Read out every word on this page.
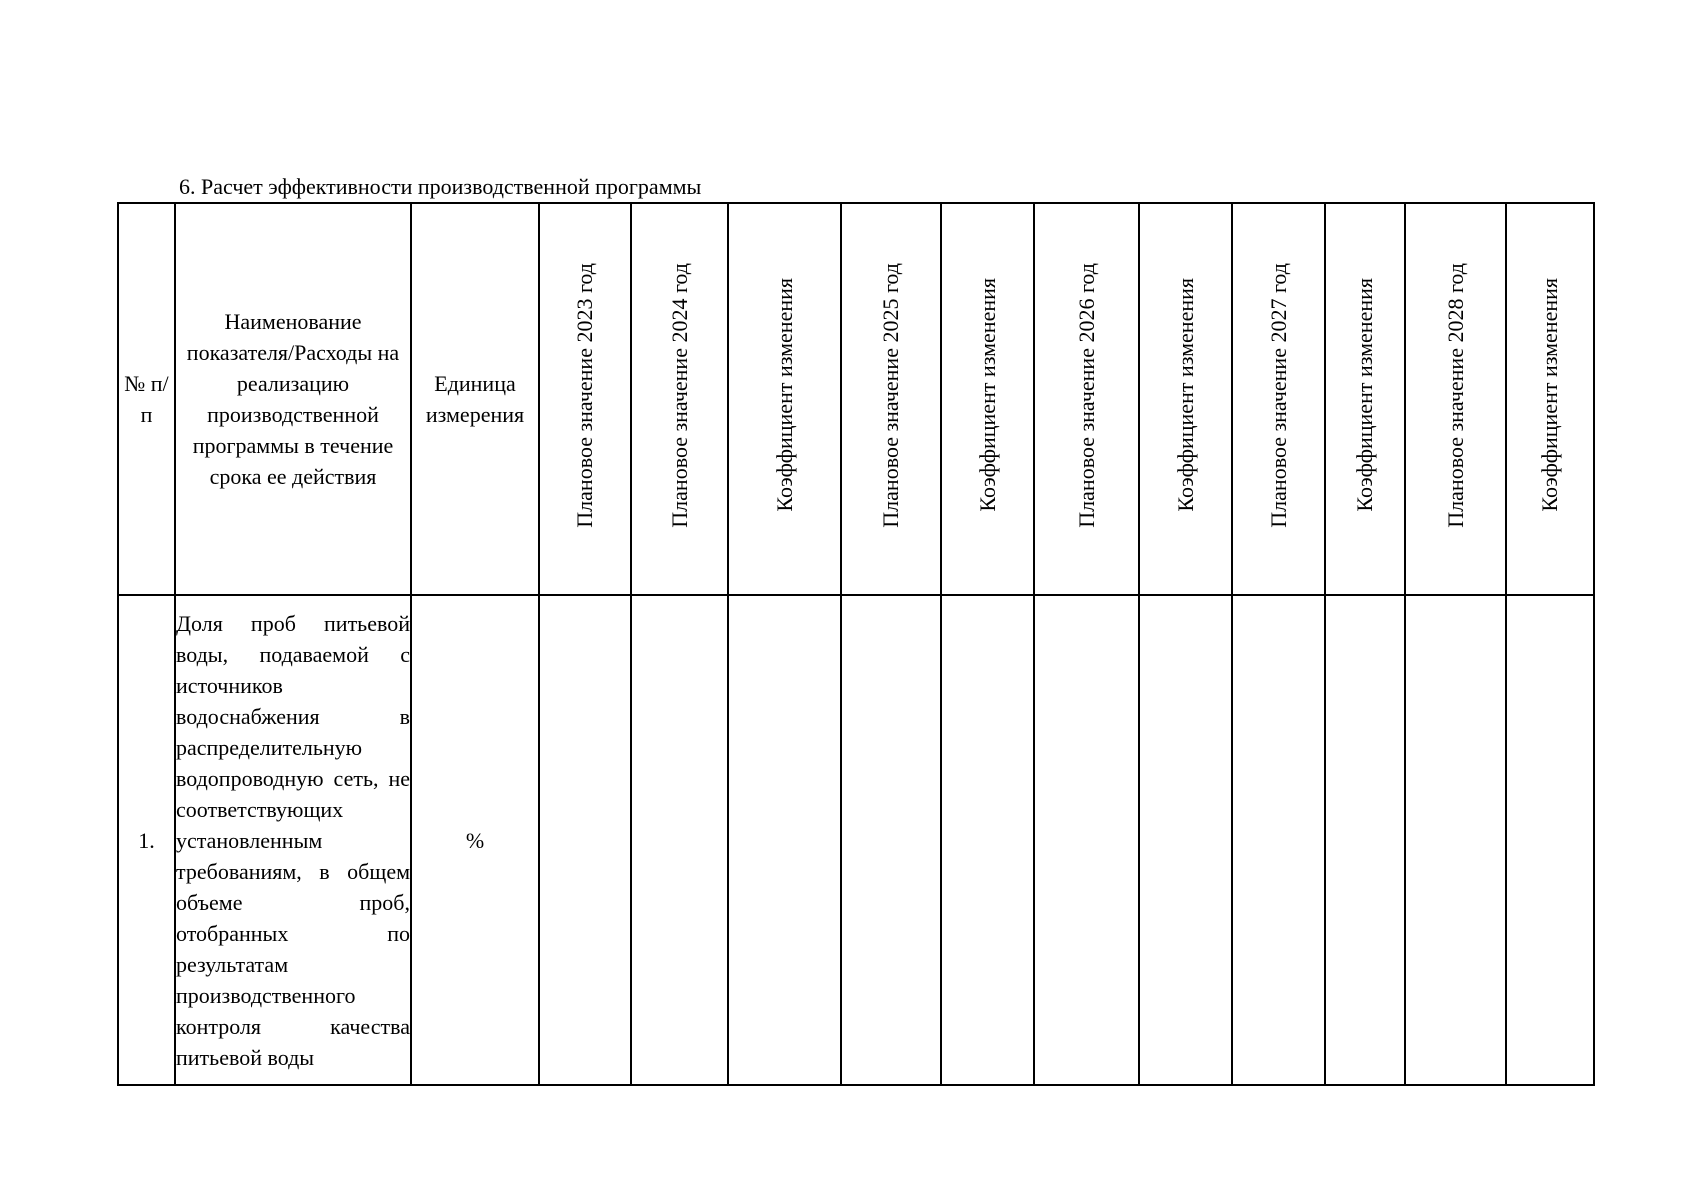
6. Расчет эффективности производственной программы
№ п/п	Наименование показателя/Расходы на реализацию производственной программы в течение срока ее действия	Единица измерения	Плановое значение 2023 год	Плановое значение 2024 год	Коэффициент изменения	Плановое значение 2025 год	Коэффициент изменения	Плановое значение 2026 год	Коэффициент изменения	Плановое значение 2027 год	Коэффициент изменения	Плановое значение 2028 год	Коэффициент изменения
1.	Доля проб питьевой воды, подаваемой с источников водоснабжения в распределительную водопроводную сеть, не соответствующих установленным требованиям, в общем объеме проб, отобранных по результатам производственного контроля качества питьевой воды	%											
